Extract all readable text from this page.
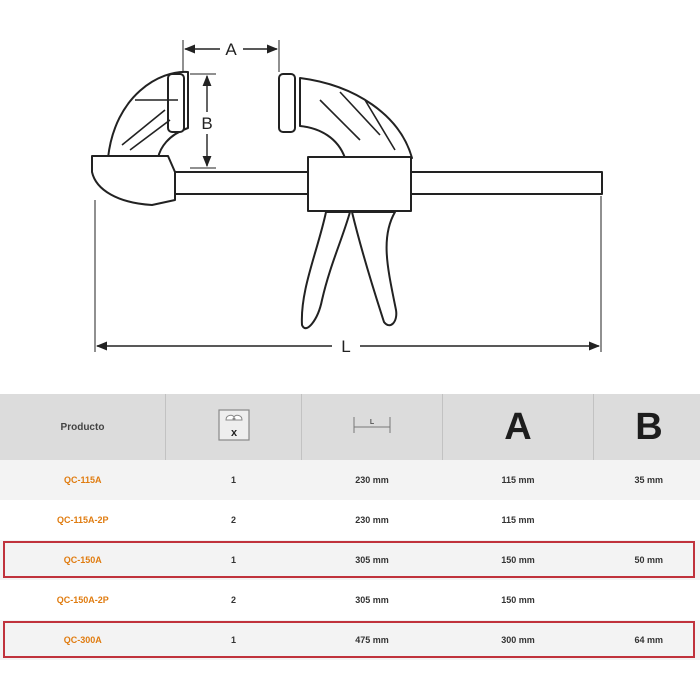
A
B
L
Producto	x	L	A	B
QC-115A	1	230 mm	115 mm	35 mm
QC-115A-2P	2	230 mm	115 mm	
QC-150A	1	305 mm	150 mm	50 mm
QC-150A-2P	2	305 mm	150 mm	
QC-300A	1	475 mm	300 mm	64 mm
